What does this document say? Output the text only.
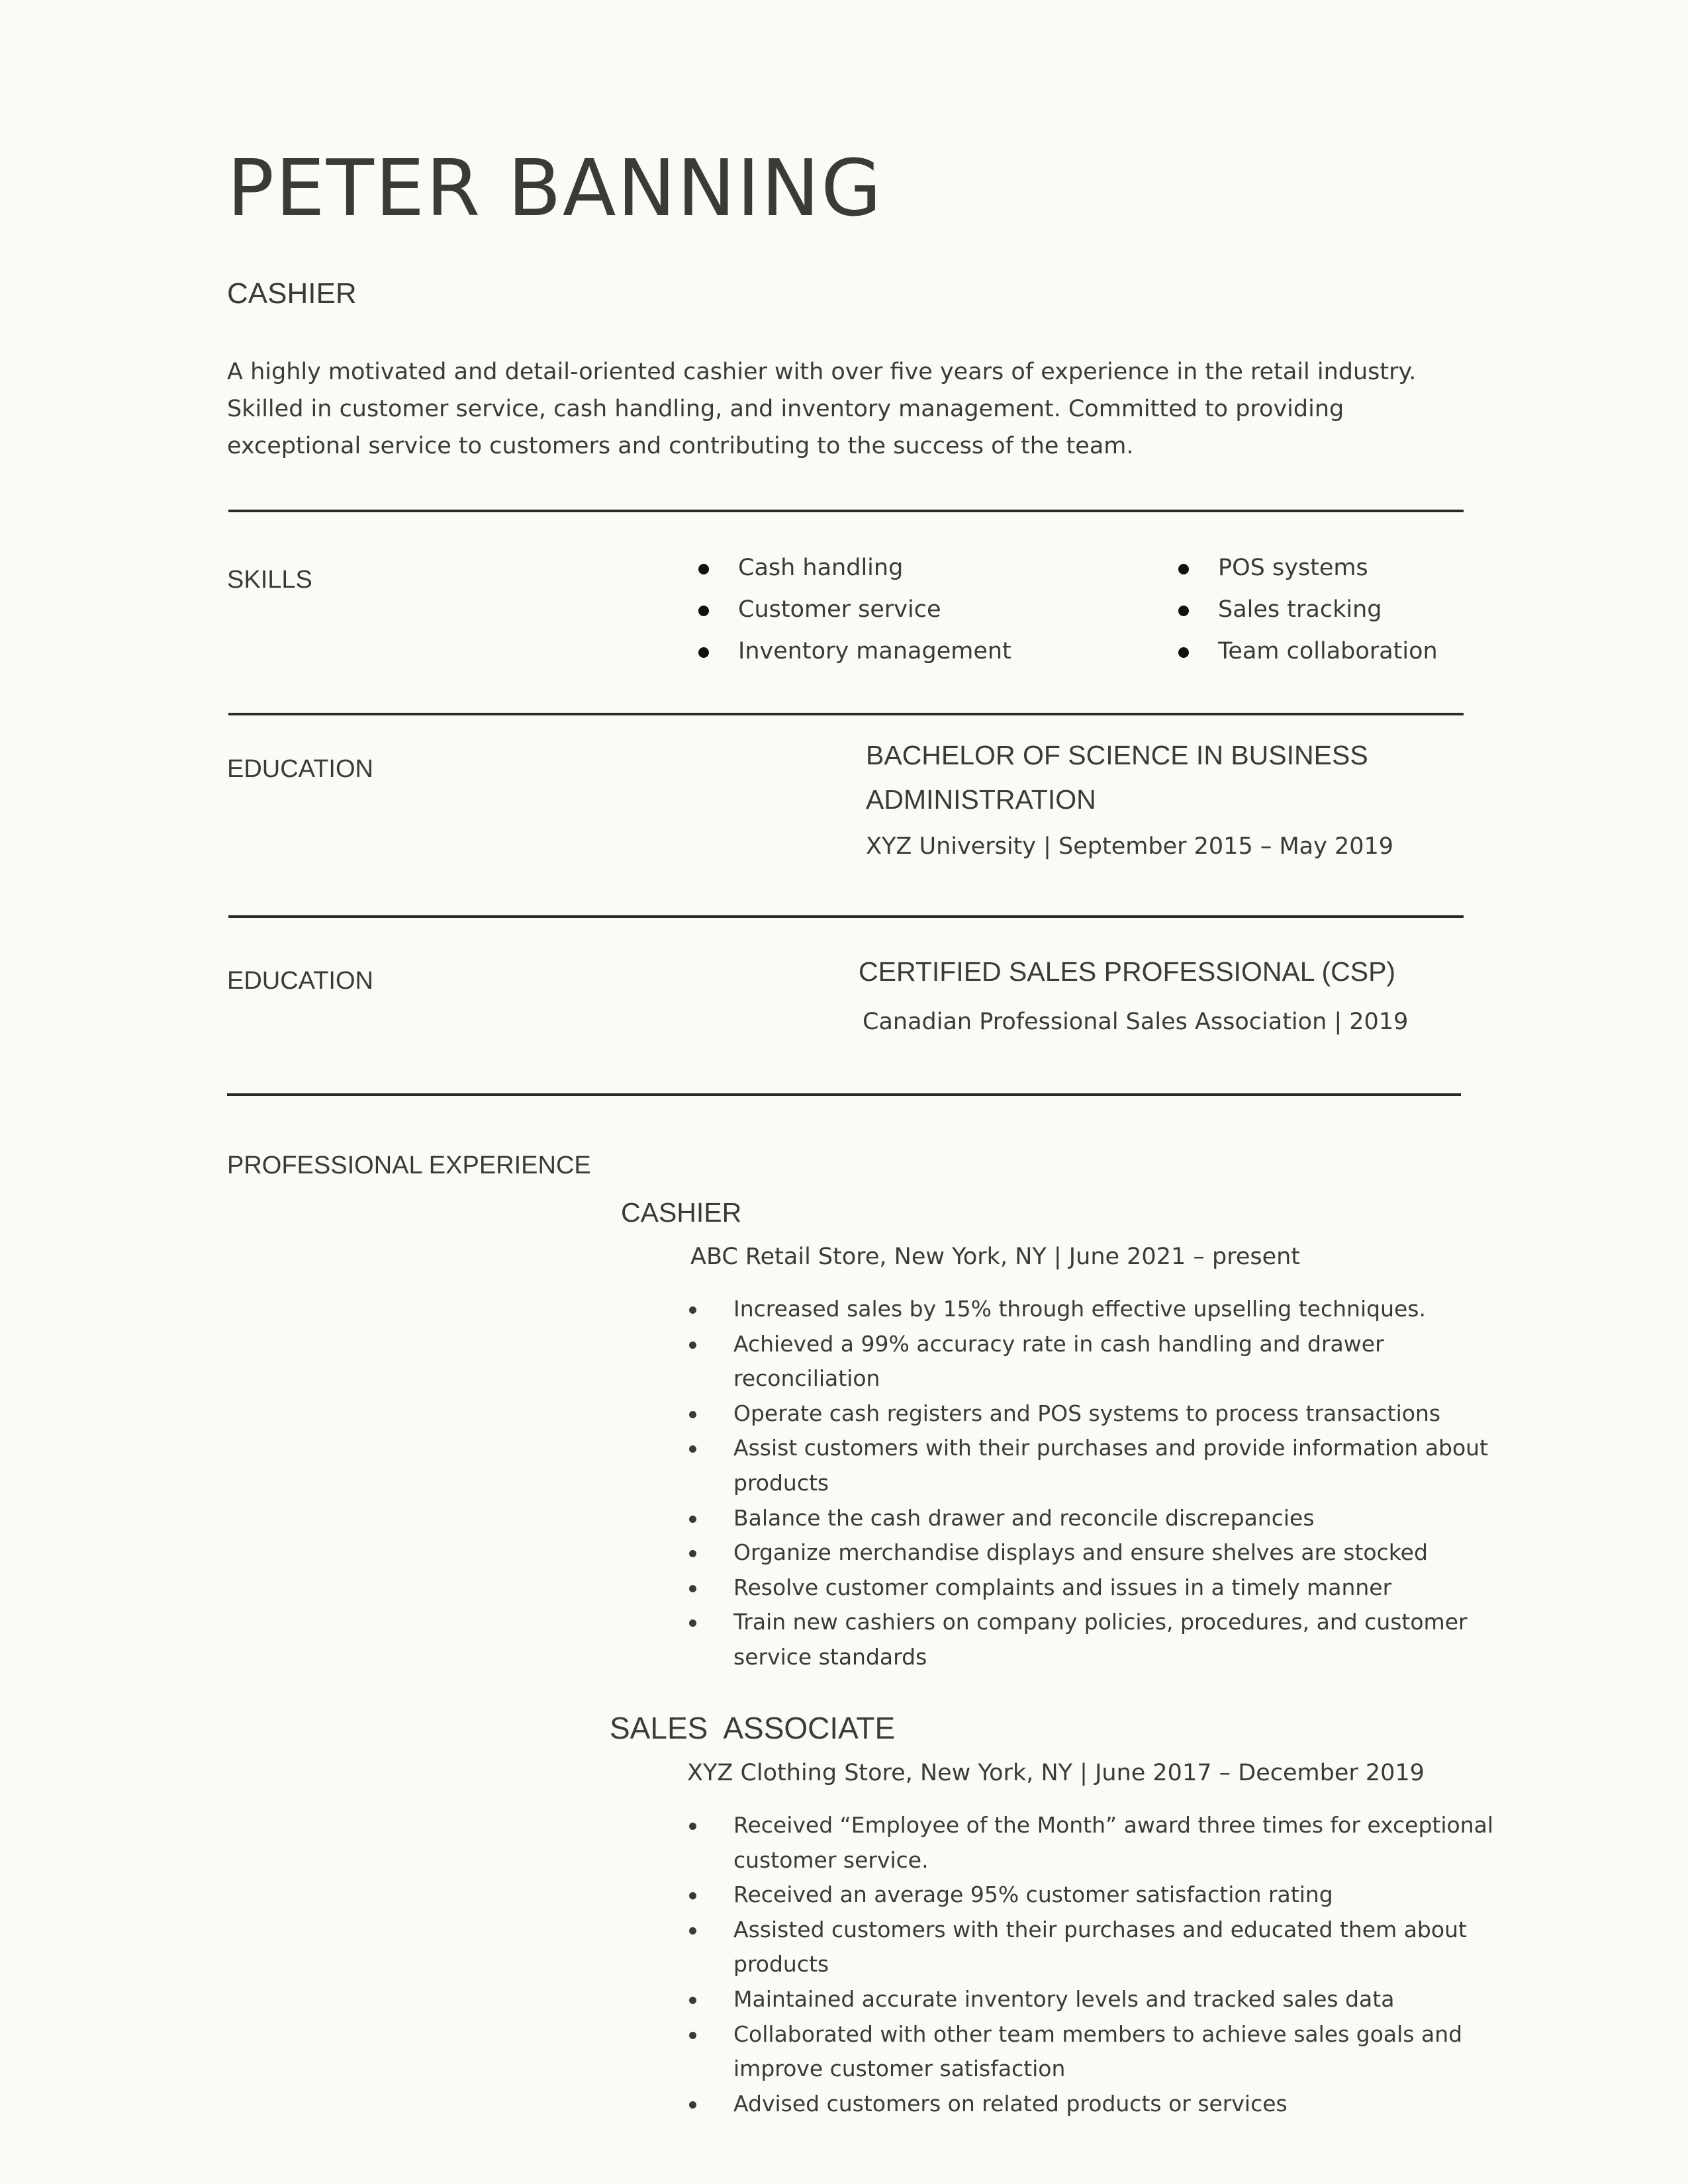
PETER BANNING
CASHIER
A highly motivated and detail-oriented cashier with over five years of experience in the retail industry. Skilled in customer service, cash handling, and inventory management. Committed to providing exceptional service to customers and contributing to the success of the team.
SKILLS	Cash handling
Customer service
Inventory management
POS systems
Sales tracking
Team collaboration
EDUCATION	BACHELOR OF SCIENCE IN BUSINESS ADMINISTRATION
XYZ University | September 2015 – May 2019
EDUCATION	CERTIFIED SALES PROFESSIONAL (CSP)
Canadian Professional Sales Association | 2019
PROFESSIONAL EXPERIENCE
CASHIER
ABC Retail Store, New York, NY | June 2021 – present
Increased sales by 15% through effective upselling techniques.
Achieved a 99% accuracy rate in cash handling and drawer reconciliation
Operate cash registers and POS systems to process transactions
Assist customers with their purchases and provide information about products
Balance the cash drawer and reconcile discrepancies
Organize merchandise displays and ensure shelves are stocked
Resolve customer complaints and issues in a timely manner
Train new cashiers on company policies, procedures, and customer service standards
SALES  ASSOCIATE
XYZ Clothing Store, New York, NY | June 2017 – December 2019
Received “Employee of the Month” award three times for exceptional customer service.
Received an average 95% customer satisfaction rating
Assisted customers with their purchases and educated them about products
Maintained accurate inventory levels and tracked sales data
Collaborated with other team members to achieve sales goals and improve customer satisfaction
Advised customers on related products or services
